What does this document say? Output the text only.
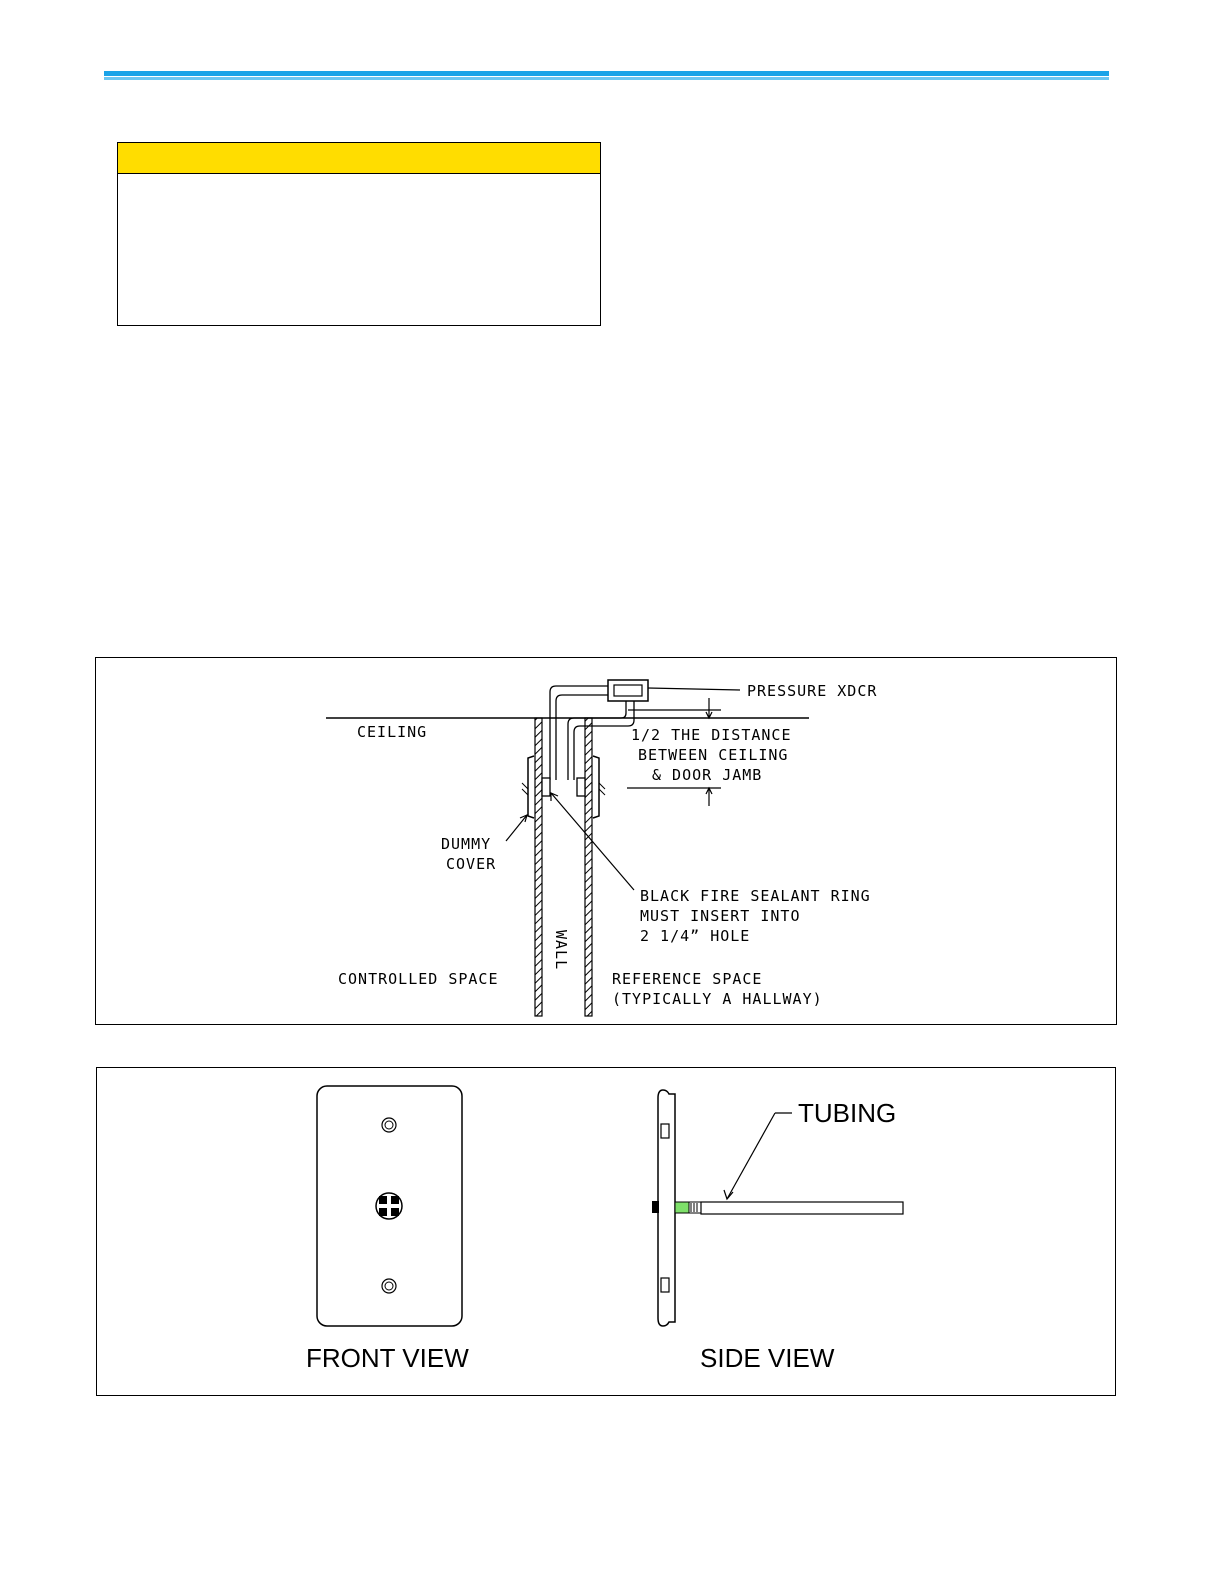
CEILING
PRESSURE XDCR
1/2 THE DISTANCE
BETWEEN CEILING
& DOOR JAMB
DUMMY
COVER
BLACK FIRE SEALANT RING
MUST INSERT INTO
2 1/4” HOLE
WALL
CONTROLLED SPACE	REFERENCE SPACE
(TYPICALLY A HALLWAY)
FRONT VIEW
TUBING
SIDE VIEW
